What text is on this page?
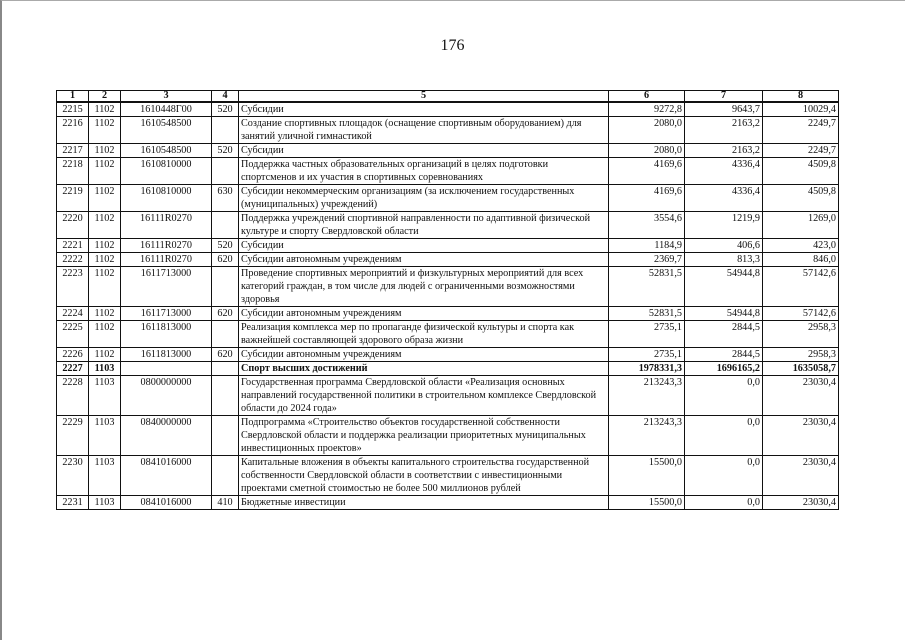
176
1	2	3	4	5	6	7	8
2215	1102	1610448Г00	520	Субсидии	9272,8	9643,7	10029,4
2216	1102	1610548500		Создание спортивных площадок (оснащение спортивным оборудованием) для занятий уличной гимнастикой	2080,0	2163,2	2249,7
2217	1102	1610548500	520	Субсидии	2080,0	2163,2	2249,7
2218	1102	1610810000		Поддержка частных образовательных организаций в целях подготовки спортсменов и их участия в спортивных соревнованиях	4169,6	4336,4	4509,8
2219	1102	1610810000	630	Субсидии некоммерческим организациям (за исключением государственных (муниципальных) учреждений)	4169,6	4336,4	4509,8
2220	1102	16111R0270		Поддержка учреждений спортивной направленности по адаптивной физической культуре и спорту Свердловской области	3554,6	1219,9	1269,0
2221	1102	16111R0270	520	Субсидии	1184,9	406,6	423,0
2222	1102	16111R0270	620	Субсидии автономным учреждениям	2369,7	813,3	846,0
2223	1102	1611713000		Проведение спортивных мероприятий и физкультурных мероприятий для всех категорий граждан, в том числе для людей с ограниченными возможностями здоровья	52831,5	54944,8	57142,6
2224	1102	1611713000	620	Субсидии автономным учреждениям	52831,5	54944,8	57142,6
2225	1102	1611813000		Реализация комплекса мер по пропаганде физической культуры и спорта как важнейшей составляющей здорового образа жизни	2735,1	2844,5	2958,3
2226	1102	1611813000	620	Субсидии автономным учреждениям	2735,1	2844,5	2958,3
2227	1103			Спорт высших достижений	1978331,3	1696165,2	1635058,7
2228	1103	0800000000		Государственная программа Свердловской области «Реализация основных направлений государственной политики в строительном комплексе Свердловской области до 2024 года»	213243,3	0,0	23030,4
2229	1103	0840000000		Подпрограмма «Строительство объектов государственной собственности Свердловской области и поддержка реализации приоритетных муниципальных инвестиционных проектов»	213243,3	0,0	23030,4
2230	1103	0841016000		Капитальные вложения в объекты капитального строительства государственной собственности Свердловской области в соответствии с инвестиционными проектами сметной стоимостью не более 500 миллионов рублей	15500,0	0,0	23030,4
2231	1103	0841016000	410	Бюджетные инвестиции	15500,0	0,0	23030,4
